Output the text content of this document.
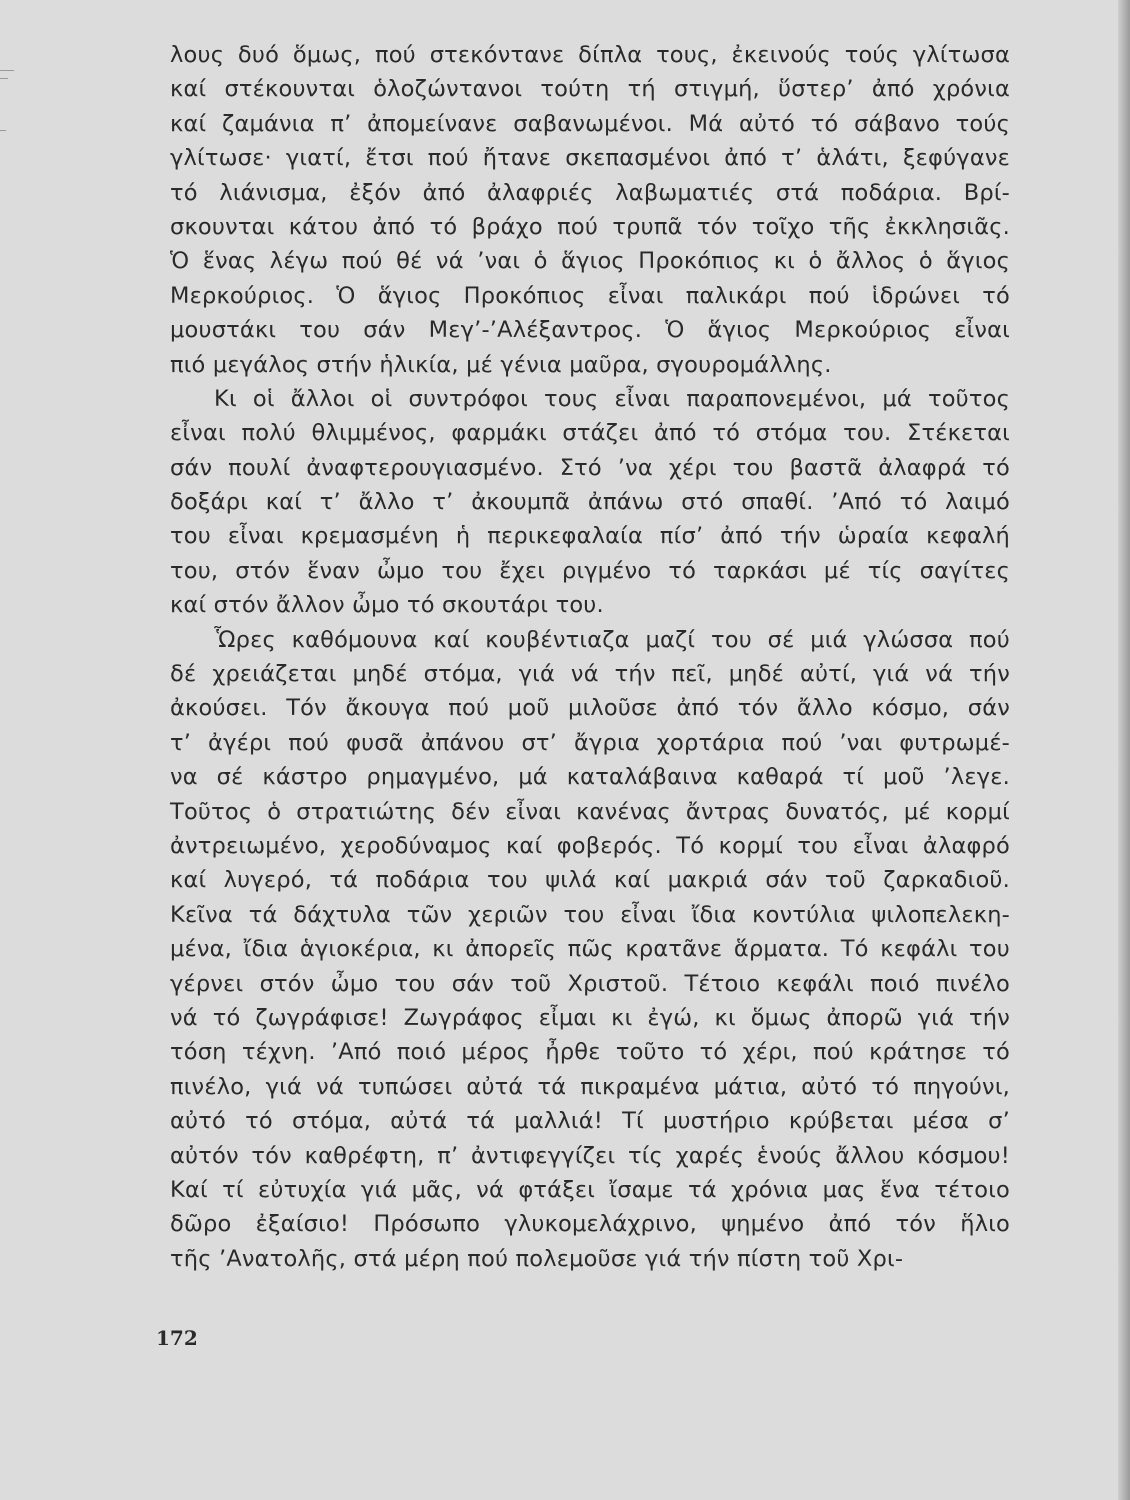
λους δυό ὅμως, πού στεκόντανε δίπλα τους, ἐκεινούς τούς γλίτωσα
καί στέκουνται ὁλοζώντανοι τούτη τή στιγμή, ὕστερ’ ἀπό χρόνια
καί ζαμάνια π’ ἀπομείνανε σαβανωμένοι. Μά αὐτό τό σάβανο τούς
γλίτωσε· γιατί, ἔτσι πού ἤτανε σκεπασμένοι ἀπό τ’ ἁλάτι, ξεφύγανε
τό λιάνισμα, ἐξόν ἀπό ἀλαφριές λαβωματιές στά ποδάρια. Βρί-
σκουνται κάτου ἀπό τό βράχο πού τρυπᾶ τόν τοῖχο τῆς ἐκκλησιᾶς.
Ὁ ἕνας λέγω πού θέ νά ’ναι ὁ ἅγιος Προκόπιος κι ὁ ἄλλος ὁ ἅγιος
Μερκούριος. Ὁ ἅγιος Προκόπιος εἶναι παλικάρι πού ἱδρώνει τό
μουστάκι του σάν Μεγ’-’Αλέξαντρος. Ὁ ἅγιος Μερκούριος εἶναι
πιό μεγάλος στήν ἡλικία, μέ γένια μαῦρα, σγουρομάλλης.
Κι οἱ ἄλλοι οἱ συντρόφοι τους εἶναι παραπονεμένοι, μά τοῦτος
εἶναι πολύ θλιμμένος, φαρμάκι στάζει ἀπό τό στόμα του. Στέκεται
σάν πουλί ἀναφτερουγιασμένο. Στό ’να χέρι του βαστᾶ ἀλαφρά τό
δοξάρι καί τ’ ἄλλο τ’ ἀκουμπᾶ ἀπάνω στό σπαθί. ’Από τό λαιμό
του εἶναι κρεμασμένη ἡ περικεφαλαία πίσ’ ἀπό τήν ὡραία κεφαλή
του, στόν ἕναν ὦμο του ἔχει ριγμένο τό ταρκάσι μέ τίς σαγίτες
καί στόν ἄλλον ὦμο τό σκουτάρι του.
Ὧρες καθόμουνα καί κουβέντιαζα μαζί του σέ μιά γλώσσα πού
δέ χρειάζεται μηδέ στόμα, γιά νά τήν πεῖ, μηδέ αὐτί, γιά νά τήν
ἀκούσει. Τόν ἄκουγα πού μοῦ μιλοῦσε ἀπό τόν ἄλλο κόσμο, σάν
τ’ ἀγέρι πού φυσᾶ ἀπάνου στ’ ἄγρια χορτάρια πού ’ναι φυτρωμέ-
να σέ κάστρο ρημαγμένο, μά καταλάβαινα καθαρά τί μοῦ ’λεγε.
Τοῦτος ὁ στρατιώτης δέν εἶναι κανένας ἄντρας δυνατός, μέ κορμί
ἀντρειωμένο, χεροδύναμος καί φοβερός. Τό κορμί του εἶναι ἀλαφρό
καί λυγερό, τά ποδάρια του ψιλά καί μακριά σάν τοῦ ζαρκαδιοῦ.
Κεῖνα τά δάχτυλα τῶν χεριῶν του εἶναι ἴδια κοντύλια ψιλοπελεκη-
μένα, ἴδια ἁγιοκέρια, κι ἀπορεῖς πῶς κρατᾶνε ἅρματα. Τό κεφάλι του
γέρνει στόν ὦμο του σάν τοῦ Χριστοῦ. Τέτοιο κεφάλι ποιό πινέλο
νά τό ζωγράφισε! Ζωγράφος εἶμαι κι ἐγώ, κι ὅμως ἀπορῶ γιά τήν
τόση τέχνη. ’Από ποιό μέρος ἦρθε τοῦτο τό χέρι, πού κράτησε τό
πινέλο, γιά νά τυπώσει αὐτά τά πικραμένα μάτια, αὐτό τό πηγούνι,
αὐτό τό στόμα, αὐτά τά μαλλιά! Τί μυστήριο κρύβεται μέσα σ’
αὐτόν τόν καθρέφτη, π’ ἀντιφεγγίζει τίς χαρές ἑνούς ἄλλου κόσμου!
Καί τί εὐτυχία γιά μᾶς, νά φτάξει ἴσαμε τά χρόνια μας ἕνα τέτοιο
δῶρο ἐξαίσιο! Πρόσωπο γλυκομελάχρινο, ψημένο ἀπό τόν ἥλιο
τῆς ’Ανατολῆς, στά μέρη πού πολεμοῦσε γιά τήν πίστη τοῦ Χρι-
172
